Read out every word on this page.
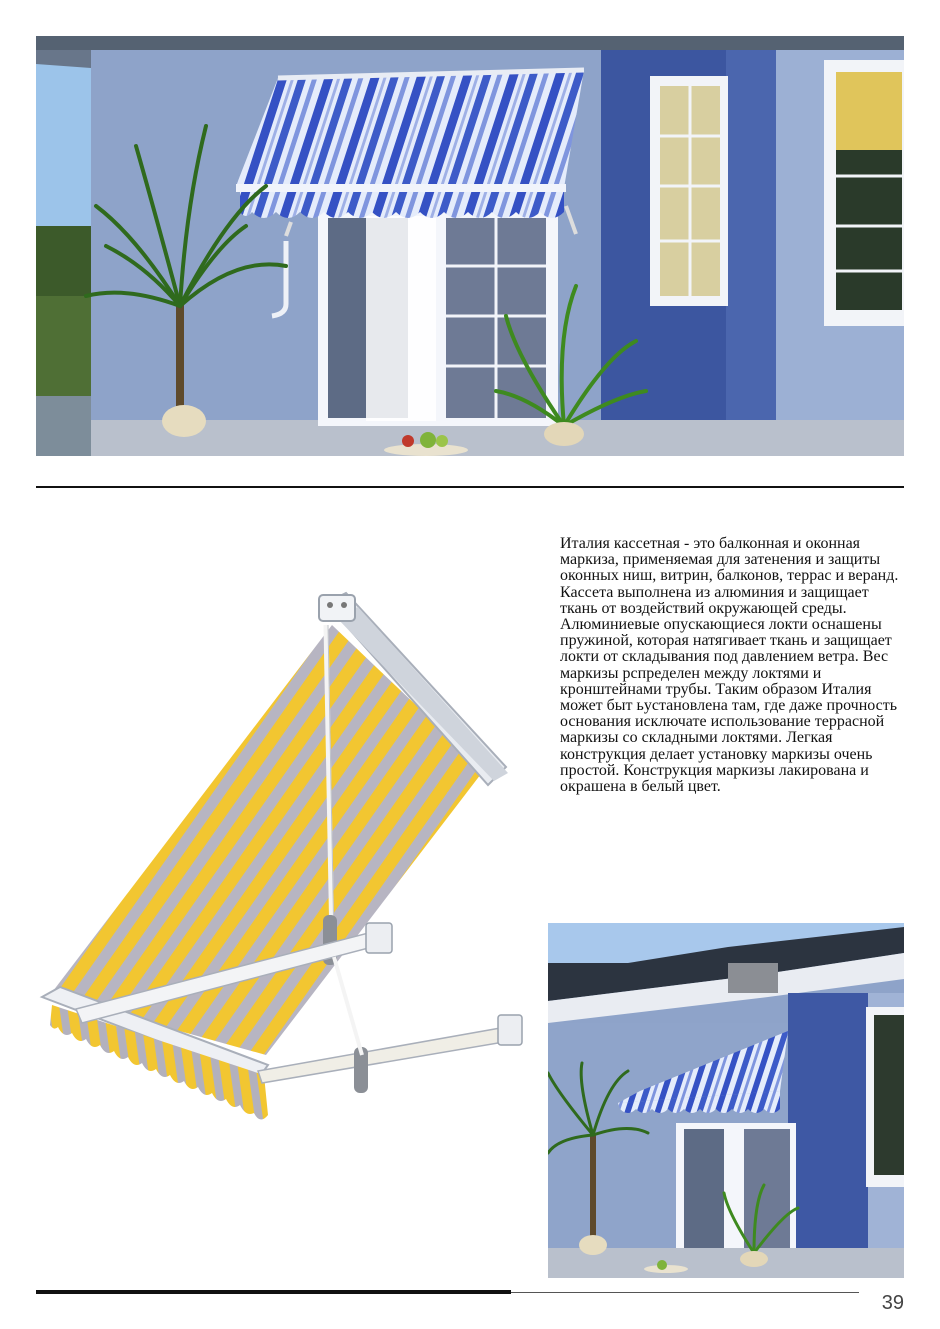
Италия кассетная - это балконная и оконная маркиза, применяемая для затенения и защиты оконных ниш, витрин, балконов, террас и веранд. Кассета выполнена из алюминия и защищает ткань от воздействий окружающей среды. Алюминиевые опускающиеся локти оснашены пружиной, которая натягивает ткань и защищает локти от складывания под давлением ветра. Вес маркизы рспределен между локтями и кронштейнами трубы. Таким образом Италия может быт ьустановлена там, где даже прочность основания исключате использование террасной маркизы со складными локтями. Легкая конструкция делает установку маркизы очень простой. Конструкция маркизы лакирована и окрашена в белый цвет.

39
